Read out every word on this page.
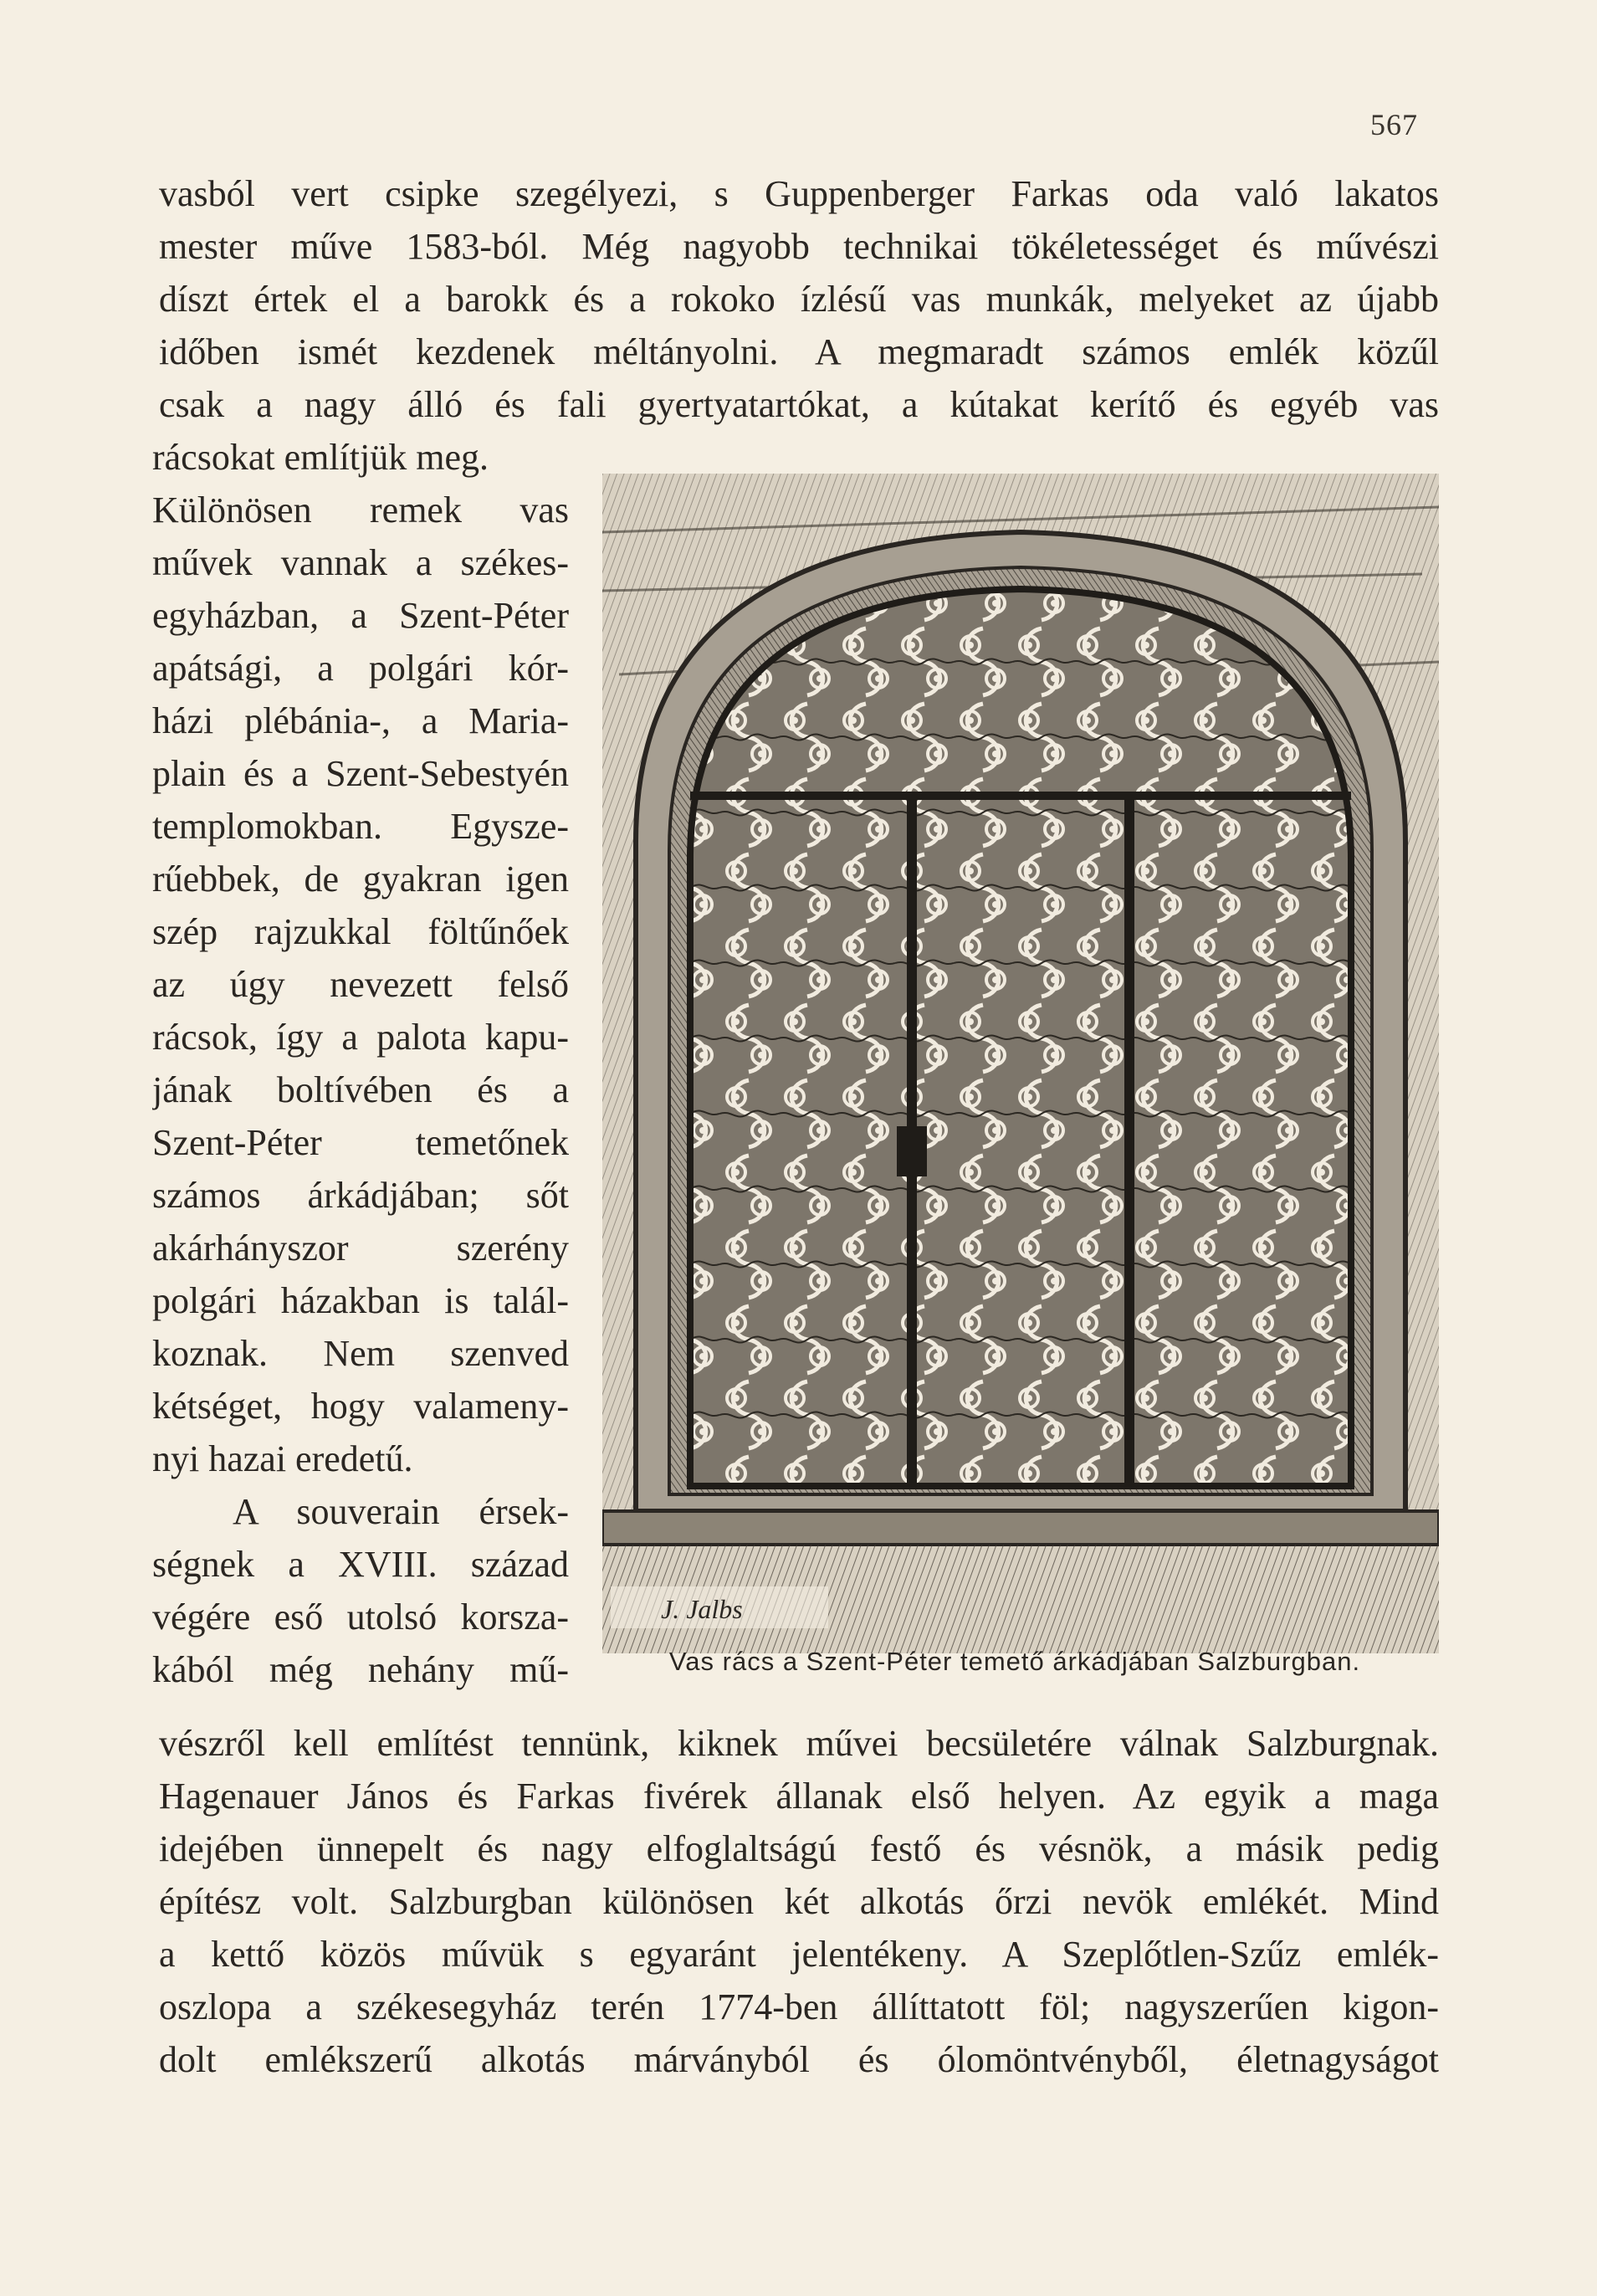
567
vasból vert csipke szegélyezi, s Guppenberger Farkas oda való lakatos
mester műve 1583-ból. Még nagyobb technikai tökéletességet és művészi
díszt értek el a barokk és a rokoko ízlésű vas munkák, melyeket az újabb
időben ismét kezdenek méltányolni. A megmaradt számos emlék közűl
csak a nagy álló és fali gyertyatartókat, a kútakat kerítő és egyéb vas
rácsokat említjük meg.
Különösen remek vas
művek vannak a székes-
egyházban, a Szent-Péter
apátsági, a polgári kór-
házi plébánia-, a Maria-
plain és a Szent-Sebestyén
templomokban. Egysze-
rűebbek, de gyakran igen
szép rajzukkal föltűnőek
az úgy nevezett felső
rácsok, így a palota kapu-
jának boltívében és a
Szent-Péter temetőnek
számos árkádjában; sőt
akárhányszor szerény
polgári házakban is talál-
koznak. Nem szenved
kétséget, hogy valameny-
nyi hazai eredetű.
A souverain érsek-
ségnek a XVIII. század
végére eső utolsó korsza-
kából még nehány mű-
J. Jalbs
Vas rács a Szent-Péter temető árkádjában Salzburgban.
vészről kell említést tennünk, kiknek művei becsületére válnak Salzburgnak.
Hagenauer János és Farkas fivérek állanak első helyen. Az egyik a maga
idejében ünnepelt és nagy elfoglaltságú festő és vésnök, a másik pedig
építész volt. Salzburgban különösen két alkotás őrzi nevök emlékét. Mind
a kettő közös művük s egyaránt jelentékeny. A Szeplőtlen-Szűz emlék-
oszlopa a székesegyház terén 1774-ben állíttatott föl; nagyszerűen kigon-
dolt emlékszerű alkotás márványból és ólomöntvényből, életnagyságot
